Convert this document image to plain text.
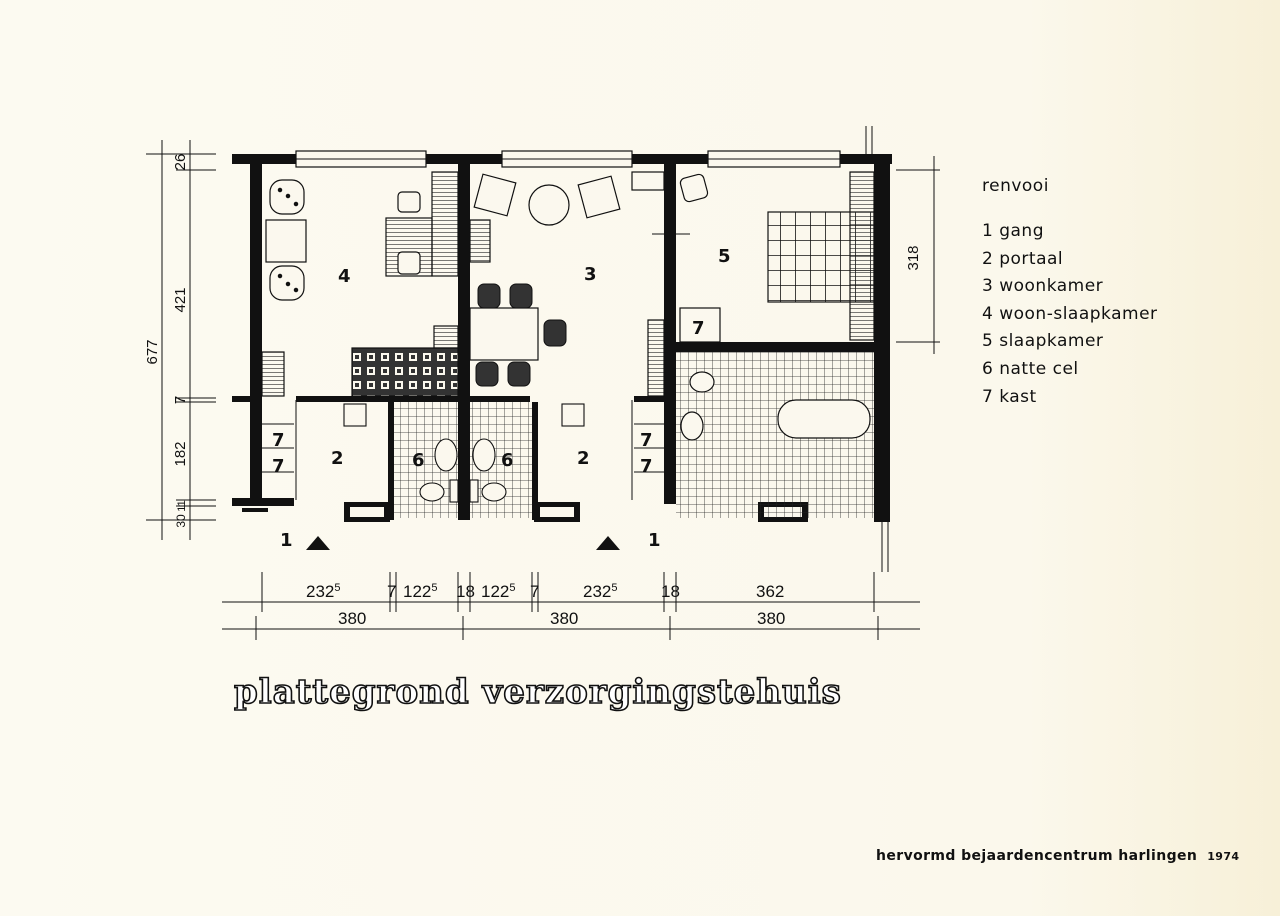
4	3
5
2	2
6	6
7
7
7
7
7
1	1
677
26
421
7
182
11
30
318
$232^5$	7 $122^5$ 18 $122^5$ 7	$232^5$	18	362
380	380	380
renvooi
1 gang
2 portaal
3 woonkamer
4 woon-slaapkamer
5 slaapkamer
6 natte cel
7 kast
plattegrond verzorgingstehuis
hervormd bejaardencentrum harlingen 1974
